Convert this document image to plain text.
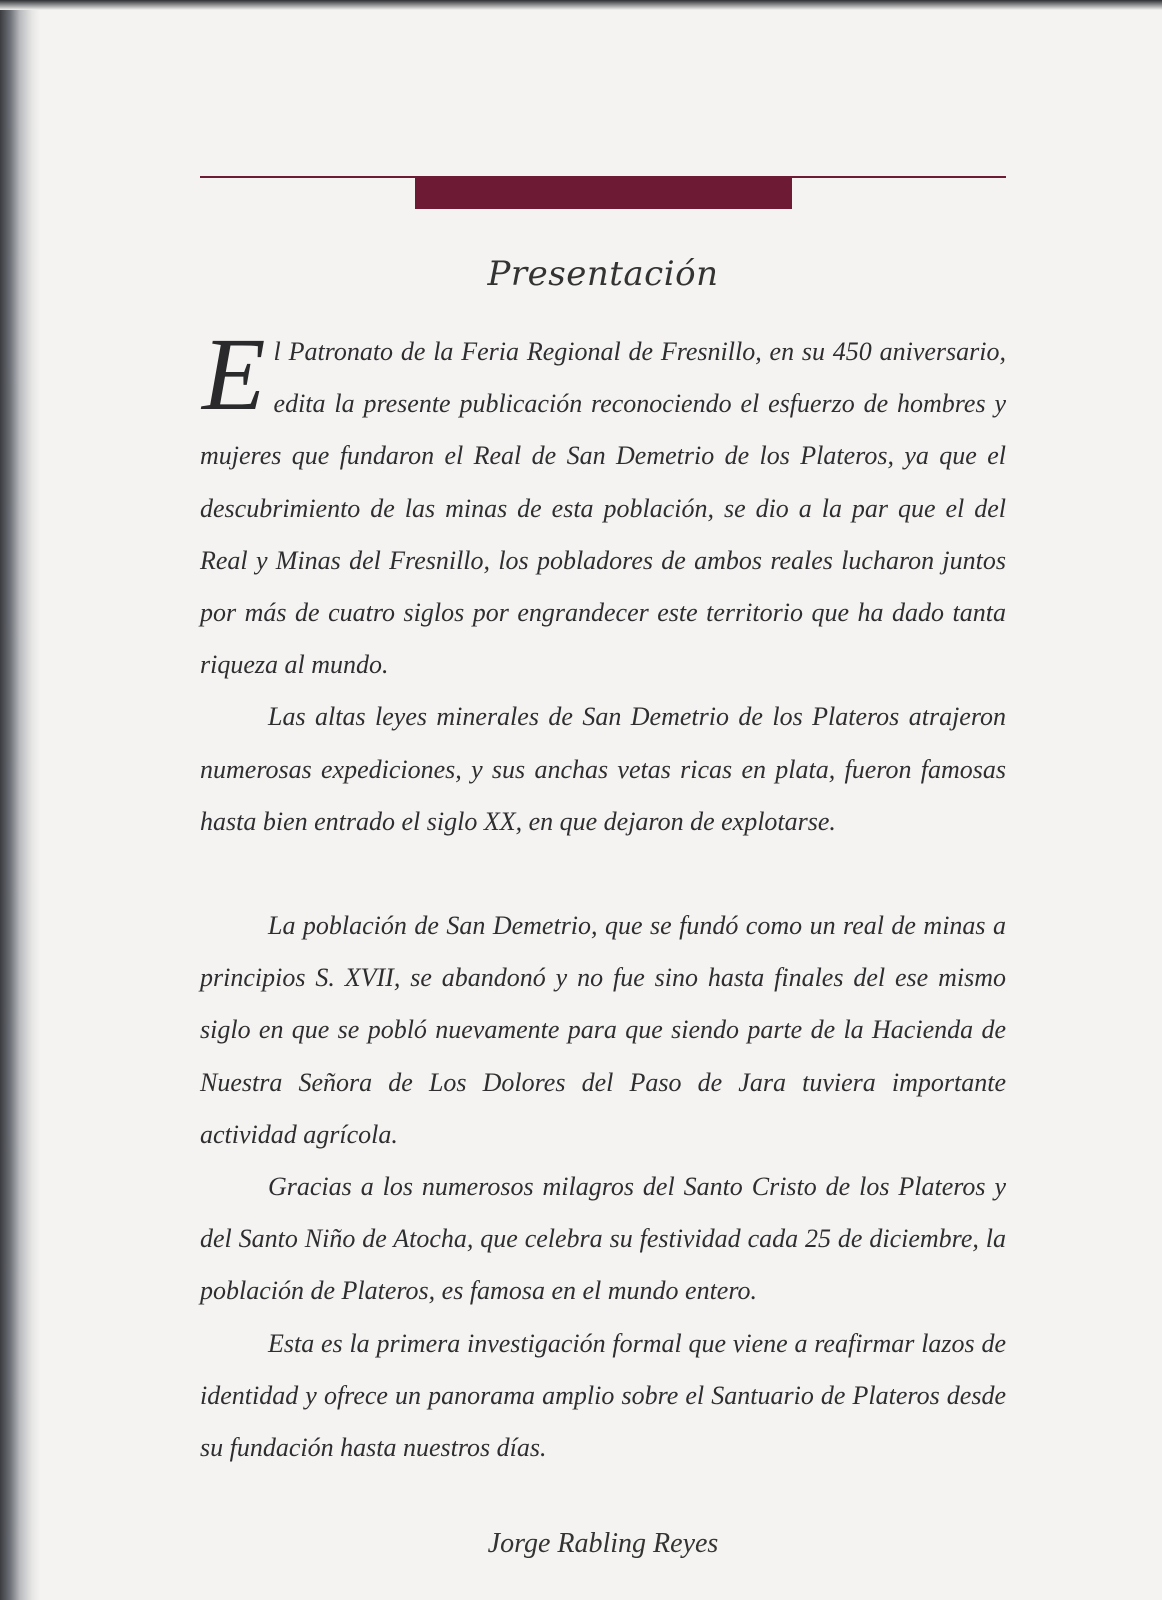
Presentación

El Patronato de la Feria Regional de Fresnillo, en su 450 aniversario, edita la presente publicación reconociendo el esfuerzo de hombres y mujeres que fundaron el Real de San Demetrio de los Plateros, ya que el descubrimiento de las minas de esta población, se dio a la par que el del Real y Minas del Fresnillo, los pobladores de ambos reales lucharon juntos por más de cuatro siglos por engrandecer este territorio que ha dado tanta riqueza al mundo.

Las altas leyes minerales de San Demetrio de los Plateros atrajeron numerosas expediciones, y sus anchas vetas ricas en plata, fueron famosas hasta bien entrado el siglo XX, en que dejaron de explotarse.

La población de San Demetrio, que se fundó como un real de minas a principios S. XVII, se abandonó y no fue sino hasta finales del ese mismo siglo en que se pobló nuevamente para que siendo parte de la Hacienda de Nuestra Señora de Los Dolores del Paso de Jara tuviera importante actividad agrícola.

Gracias a los numerosos milagros del Santo Cristo de los Plateros y del Santo Niño de Atocha, que celebra su festividad cada 25 de diciembre, la población de Plateros, es famosa en el mundo entero.

Esta es la primera investigación formal que viene a reafirmar lazos de identidad y ofrece un panorama amplio sobre el Santuario de Plateros desde su fundación hasta nuestros días.

Jorge Rabling Reyes
